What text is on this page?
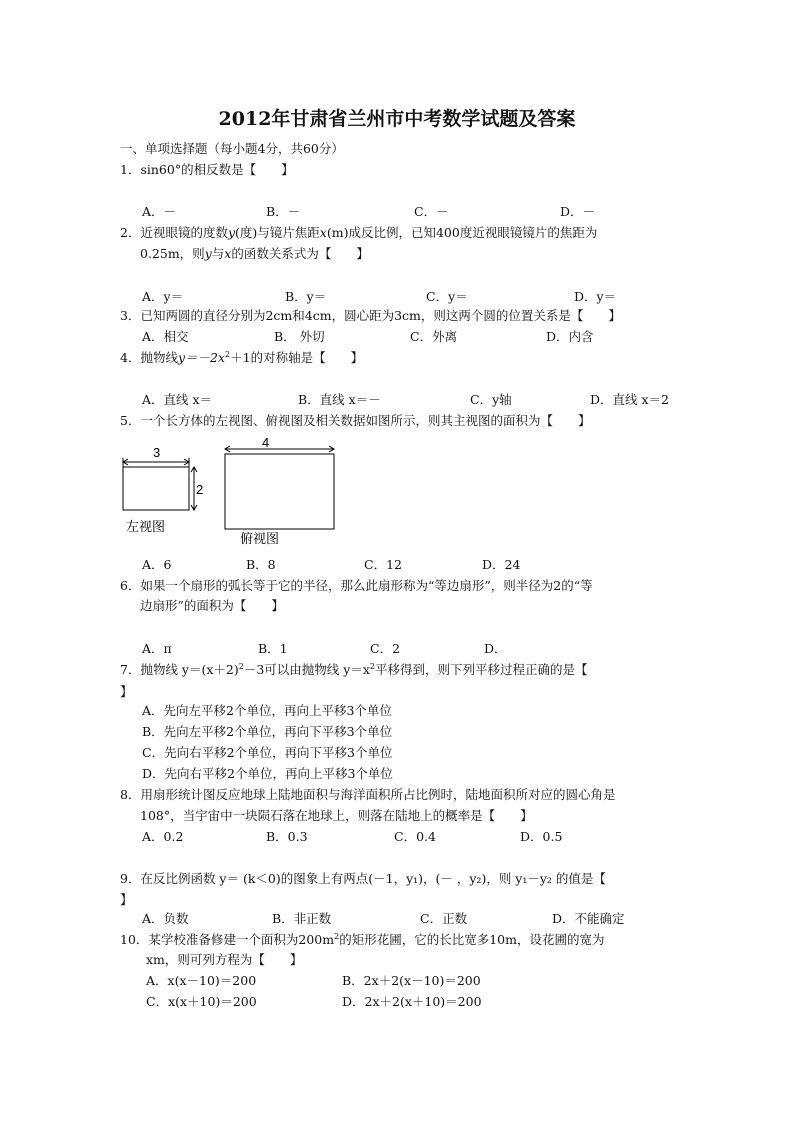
2012年甘肃省兰州市中考数学试题及答案
一、单项选择题（每小题4分，共60分）
1．sin60°的相反数是【　　】
A．－	B．－	C．－	D．－
2．近视眼镜的度数y(度)与镜片焦距x(m)成反比例，已知400度近视眼镜镜片的焦距为
0.25m，则y与x的函数关系式为【　　】
A．y＝	B．y＝	C．y＝	D．y＝
3．已知两圆的直径分别为2cm和4cm，圆心距为3cm，则这两个圆的位置关系是【　　】
A．相交	B． 外切	C．外离	D．内含
4．抛物线$y=-2x^2+1$的对称轴是【　　】
A．直线 x＝	B．直线 x＝－	C．y轴	D．直线 x＝2
5．一个长方体的左视图、俯视图及相关数据如图所示，则其主视图的面积为【　　】
3
2
左视图
4
俯视图
A．6	B．8	C．12	D．24
6．如果一个扇形的弧长等于它的半径，那么此扇形称为“等边扇形”，则半径为2的“等
边扇形”的面积为【　　】
A．π	B．1	C．2	D．
7．抛物线 $y=(x+2)^2-3$可以由抛物线 $y=x^2$平移得到，则下列平移过程正确的是【
】
A．先向左平移2个单位，再向上平移3个单位
B．先向左平移2个单位，再向下平移3个单位
C．先向右平移2个单位，再向下平移3个单位
D．先向右平移2个单位，再向上平移3个单位
8．用扇形统计图反应地球上陆地面积与海洋面积所占比例时，陆地面积所对应的圆心角是
108°，当宇宙中一块陨石落在地球上，则落在陆地上的概率是【　　】
A．0.2	B．0.3	C．0.4	D．0.5
9．在反比例函数 y＝ (k＜0)的图象上有两点(－1，y₁)，(－ ，y₂)，则 y₁－y₂ 的值是【
】
A．负数	B．非正数	C．正数	D．不能确定
10．某学校准备修建一个面积为$200m^2$的矩形花圃，它的长比宽多10m，设花圃的宽为
xm，则可列方程为【　　】
A．x(x－10)＝200	B．2x＋2(x－10)＝200
C．x(x＋10)＝200	D．2x＋2(x＋10)＝200
